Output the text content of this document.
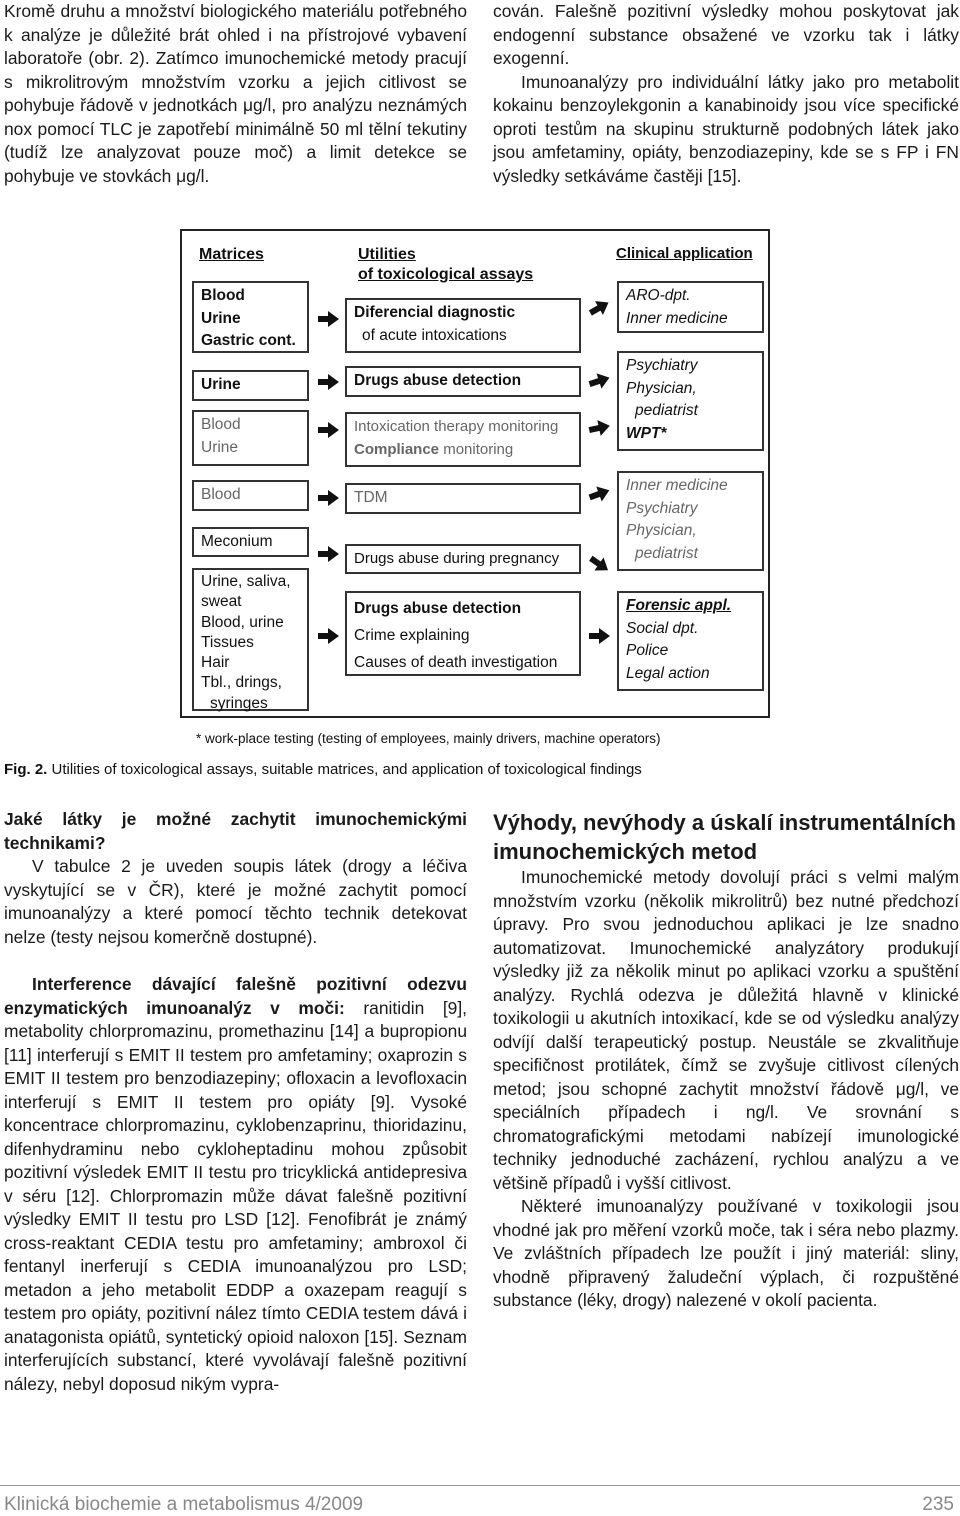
Kromě druhu a množství biologického materiálu potřebného k analýze je důležité brát ohled i na přístrojové vybavení laboratoře (obr. 2). Zatímco imunochemické metody pracují s mikrolitrovým množstvím vzorku a jejich citlivost se pohybuje řádově v jednotkách μg/l, pro analýzu neznámých nox pomocí TLC je zapotřebí minimálně 50 ml tělní tekutiny (tudíž lze analyzovat pouze moč) a limit detekce se pohybuje ve stovkách μg/l.

cován. Falešně pozitivní výsledky mohou poskytovat jak endogenní substance obsažené ve vzorku tak i látky exogenní.

Imunoanalýzy pro individuální látky jako pro metabolit kokainu benzoylekgonin a kanabinoidy jsou více specifické oproti testům na skupinu strukturně podobných látek jako jsou amfetaminy, opiáty, benzodiazepiny, kde se s FP i FN výsledky setkáváme častěji [15].

Matrices	Utilities
of toxicological assays
Clinical application
Blood
Urine
Gastric cont.
Urine
Blood
Urine
Blood
Meconium
Urine, saliva,
sweat
Blood, urine
Tissues
Hair
Tbl., drings,
syringes
Diferencial diagnostic
of acute intoxications
Drugs abuse detection
Intoxication therapy monitoring
Compliance monitoring
TDM
Drugs abuse during pregnancy
Drugs abuse detection
Crime explaining
Causes of death investigation
ARO-dpt.
Inner medicine
Psychiatry
Physician,
pediatrist
WPT*
Inner medicine
Psychiatry
Physician,
pediatrist
Forensic appl.
Social dpt.
Police
Legal action
* work-place testing (testing of employees, mainly drivers, machine operators)
Fig. 2. Utilities of toxicological assays, suitable matrices, and application of toxicological findings

Jaké látky je možné zachytit imunochemickými technikami?

V tabulce 2 je uveden soupis látek (drogy a léčiva vyskytující se v ČR), které je možné zachytit pomocí imunoanalýzy a které pomocí těchto technik detekovat nelze (testy nejsou komerčně dostupné).

Interference dávající falešně pozitivní odezvu enzymatických imunoanalýz v moči: ranitidin [9], metabolity chlorpromazinu, promethazinu [14] a bupropionu [11] interferují s EMIT II testem pro amfetaminy; oxaprozin s EMIT II testem pro benzodiazepiny; ofloxacin a levofloxacin interferují s EMIT II testem pro opiáty [9]. Vysoké koncentrace chlorpromazinu, cyklobenzaprinu, thioridazinu, difenhydraminu nebo cykloheptadinu mohou způsobit pozitivní výsledek EMIT II testu pro tricyklická antidepresiva v séru [12]. Chlorpromazin může dávat falešně pozitivní výsledky EMIT II testu pro LSD [12]. Fenofibrát je známý cross-reaktant CEDIA testu pro amfetaminy; ambroxol či fentanyl inerferují s CEDIA imunoanalýzou pro LSD; metadon a jeho metabolit EDDP a oxazepam reagují s testem pro opiáty, pozitivní nález tímto CEDIA testem dává i anatagonista opiátů, syntetický opioid naloxon [15]. Seznam interferujících substancí, které vyvolávají falešně pozitivní nálezy, nebyl doposud nikým vypra-

Výhody, nevýhody a úskalí instrumentálních imunochemických metod

Imunochemické metody dovolují práci s velmi malým množstvím vzorku (několik mikrolitrů) bez nutné předchozí úpravy. Pro svou jednoduchou aplikaci je lze snadno automatizovat. Imunochemické analyzátory produkují výsledky již za několik minut po aplikaci vzorku a spuštění analýzy. Rychlá odezva je důležitá hlavně v klinické toxikologii u akutních intoxikací, kde se od výsledku analýzy odvíjí další terapeutický postup. Neustále se zkvalitňuje specifičnost protilátek, čímž se zvyšuje citlivost cílených metod; jsou schopné zachytit množství řádově μg/l, ve speciálních případech i ng/l. Ve srovnání s chromatografickými metodami nabízejí imunologické techniky jednoduché zacházení, rychlou analýzu a ve většině případů i vyšší citlivost.

Některé imunoanalýzy používané v toxikologii jsou vhodné jak pro měření vzorků moče, tak i séra nebo plazmy. Ve zvláštních případech lze použít i jiný materiál: sliny, vhodně připravený žaludeční výplach, či rozpuštěné substance (léky, drogy) nalezené v okolí pacienta.

Klinická biochemie a metabolismus 4/2009	235
